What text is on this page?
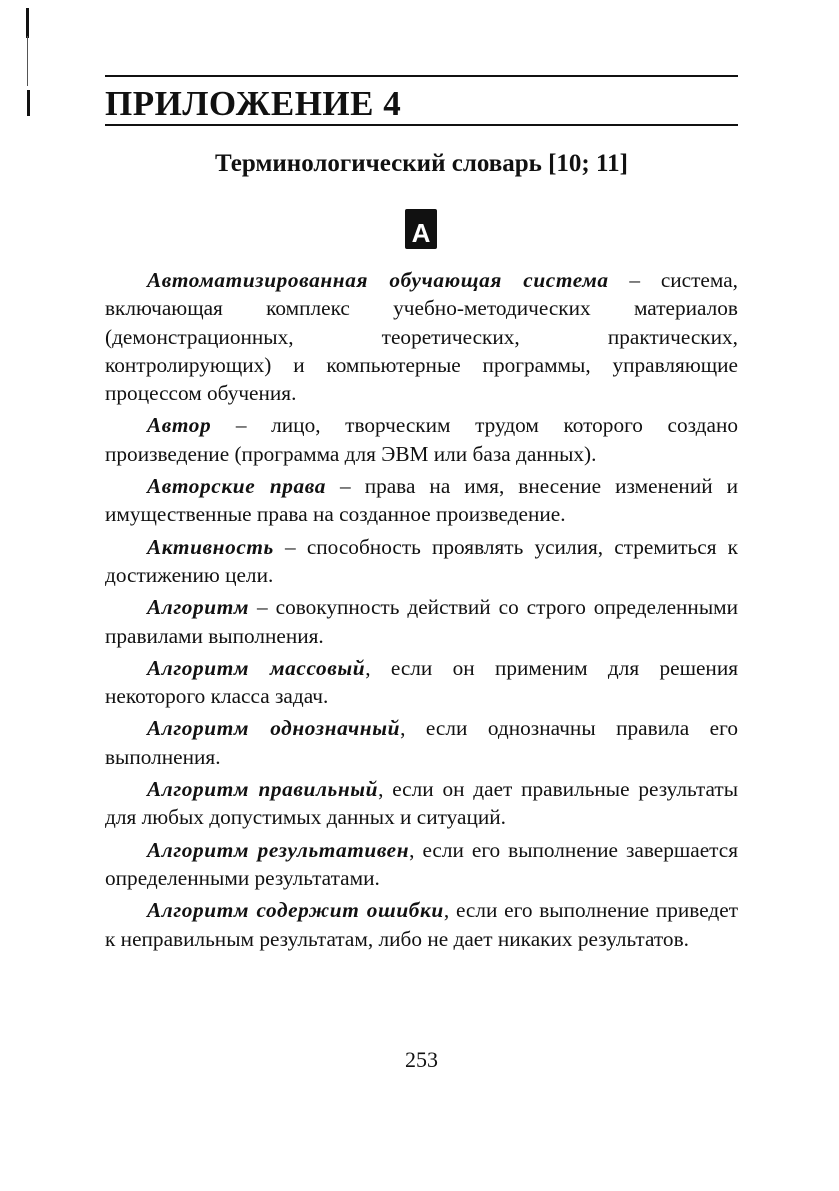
ПРИЛОЖЕНИЕ 4
Терминологический словарь [10; 11]
А

Автоматизированная обучающая система – система, включающая комплекс учебно-методических материалов (демонстрационных, теоретических, практических, контролирующих) и компьютерные программы, управляющие процессом обучения.

Автор – лицо, творческим трудом которого создано произведение (программа для ЭВМ или база данных).

Авторские права – права на имя, внесение изменений и имущественные права на созданное произведение.

Активность – способность проявлять усилия, стремиться к достижению цели.

Алгоритм – совокупность действий со строго определенными правилами выполнения.

Алгоритм массовый, если он применим для решения некоторого класса задач.

Алгоритм однозначный, если однозначны правила его выполнения.

Алгоритм правильный, если он дает правильные результаты для любых допустимых данных и ситуаций.

Алгоритм результативен, если его выполнение завершается определенными результатами.

Алгоритм содержит ошибки, если его выполнение приведет к неправильным результатам, либо не дает никаких результатов.

253
